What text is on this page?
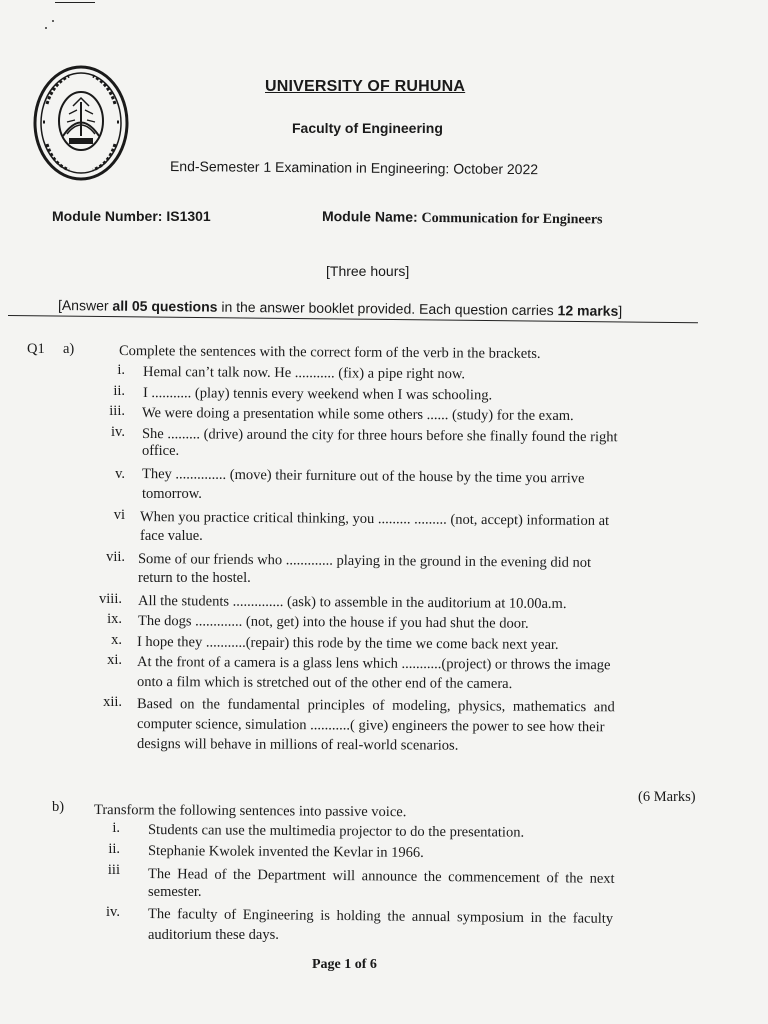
UNIVERSITY OF RUHUNA
Faculty of Engineering
End-Semester 1 Examination in Engineering: October 2022
Module Number: IS1301	Module Name: Communication for Engineers
[Three hours]
[Answer all 05 questions in the answer booklet provided. Each question carries 12 marks]
Q1 a)	Complete the sentences with the correct form of the verb in the brackets.
i. Hemal can’t talk now. He ........... (fix) a pipe right now.
ii. I ........... (play) tennis every weekend when I was schooling.
iii. We were doing a presentation while some others ...... (study) for the exam.
iv. She ......... (drive) around the city for three hours before she finally found the right
office.
v. They .............. (move) their furniture out of the house by the time you arrive
tomorrow.
vi When you practice critical thinking, you ......... ......... (not, accept) information at
face value.
vii. Some of our friends who ............. playing in the ground in the evening did not
return to the hostel.
viii. All the students .............. (ask) to assemble in the auditorium at 10.00a.m.
ix. The dogs ............. (not, get) into the house if you had shut the door.
x. I hope they ...........(repair) this rode by the time we come back next year.
xi. At the front of a camera is a glass lens which ...........(project) or throws the image
onto a film which is stretched out of the other end of the camera.
xii. Based on the fundamental principles of modeling, physics, mathematics and
computer science, simulation ...........( give) engineers the power to see how their
designs will behave in millions of real-world scenarios.
(6 Marks)
b) Transform the following sentences into passive voice.
i. Students can use the multimedia projector to do the presentation.
ii. Stephanie Kwolek invented the Kevlar in 1966.
iii The Head of the Department will announce the commencement of the next
semester.
iv. The faculty of Engineering is holding the annual symposium in the faculty
auditorium these days.
Page 1 of 6
